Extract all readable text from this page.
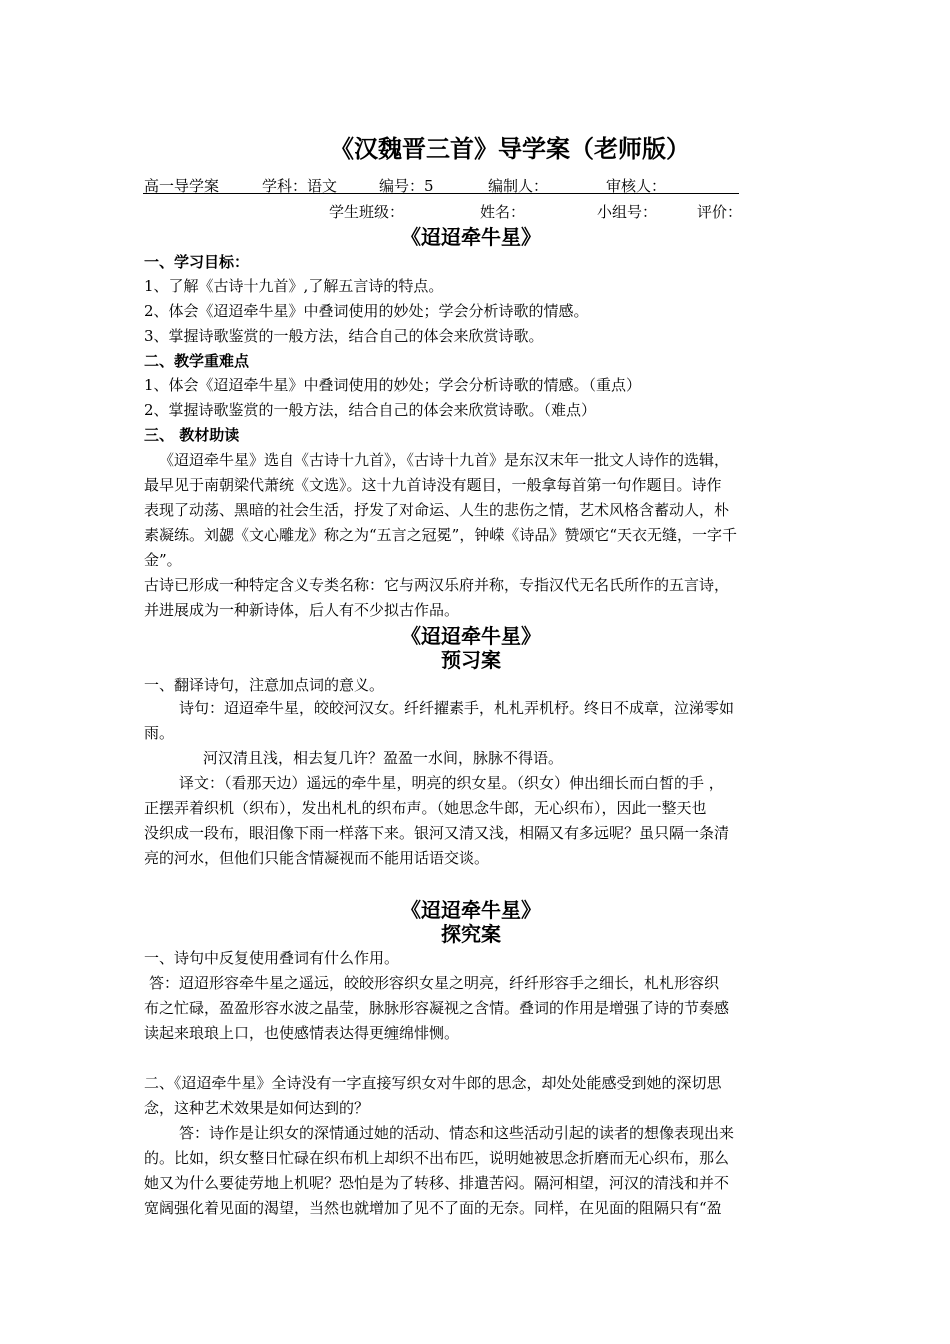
《汉魏晋三首》导学案（老师版）
高一导学案	学科：语文	编号：5	编制人：	审核人：
学生班级：	姓名：	小组号：	评价：
《迢迢牵牛星》
一、学习目标：
1、了解《古诗十九首》,了解五言诗的特点。
2、体会《迢迢牵牛星》中叠词使用的妙处；学会分析诗歌的情感。
3、掌握诗歌鉴赏的一般方法，结合自己的体会来欣赏诗歌。
二、教学重难点
1、体会《迢迢牵牛星》中叠词使用的妙处；学会分析诗歌的情感。（重点）
2、掌握诗歌鉴赏的一般方法，结合自己的体会来欣赏诗歌。（难点）
三、 教材助读
《迢迢牵牛星》选自《古诗十九首》，《古诗十九首》是东汉末年一批文人诗作的选辑，
最早见于南朝梁代萧统《文选》。这十九首诗没有题目，一般拿每首第一句作题目。诗作
表现了动荡、黑暗的社会生活，抒发了对命运、人生的悲伤之情，艺术风格含蓄动人，朴
素凝练。刘勰《文心雕龙》称之为“五言之冠冕”，钟嵘《诗品》赞颂它“天衣无缝，一字千
金”。
古诗已形成一种特定含义专类名称：它与两汉乐府并称，专指汉代无名氏所作的五言诗，
并进展成为一种新诗体，后人有不少拟古作品。
《迢迢牵牛星》
预习案
一、翻译诗句，注意加点词的意义。
诗句：迢迢牵牛星，皎皎河汉女。纤纤擢素手，札札弄机杼。终日不成章，泣涕零如
雨。
河汉清且浅，相去复几许？盈盈一水间，脉脉不得语。
译文：（看那天边）遥远的牵牛星，明亮的织女星。（织女）伸出细长而白皙的手 ，
正摆弄着织机（织布），发出札札的织布声。（她思念牛郎，无心织布），因此一整天也
没织成一段布，眼泪像下雨一样落下来。银河又清又浅，相隔又有多远呢？虽只隔一条清
亮的河水，但他们只能含情凝视而不能用话语交谈。
《迢迢牵牛星》
探究案
一、诗句中反复使用叠词有什么作用。
答：迢迢形容牵牛星之遥远，皎皎形容织女星之明亮，纤纤形容手之细长，札札形容织
布之忙碌，盈盈形容水波之晶莹，脉脉形容凝视之含情。叠词的作用是增强了诗的节奏感
读起来琅琅上口，也使感情表达得更缠绵悱恻。
二、《迢迢牵牛星》全诗没有一字直接写织女对牛郎的思念，却处处能感受到她的深切思
念，这种艺术效果是如何达到的？
答：诗作是让织女的深情通过她的活动、情态和这些活动引起的读者的想像表现出来
的。比如，织女整日忙碌在织布机上却织不出布匹，说明她被思念折磨而无心织布，那么
她又为什么要徒劳地上机呢？恐怕是为了转移、排遣苦闷。隔河相望，河汉的清浅和并不
宽阔强化着见面的渴望，当然也就增加了见不了面的无奈。同样，在见面的阻隔只有“盈
